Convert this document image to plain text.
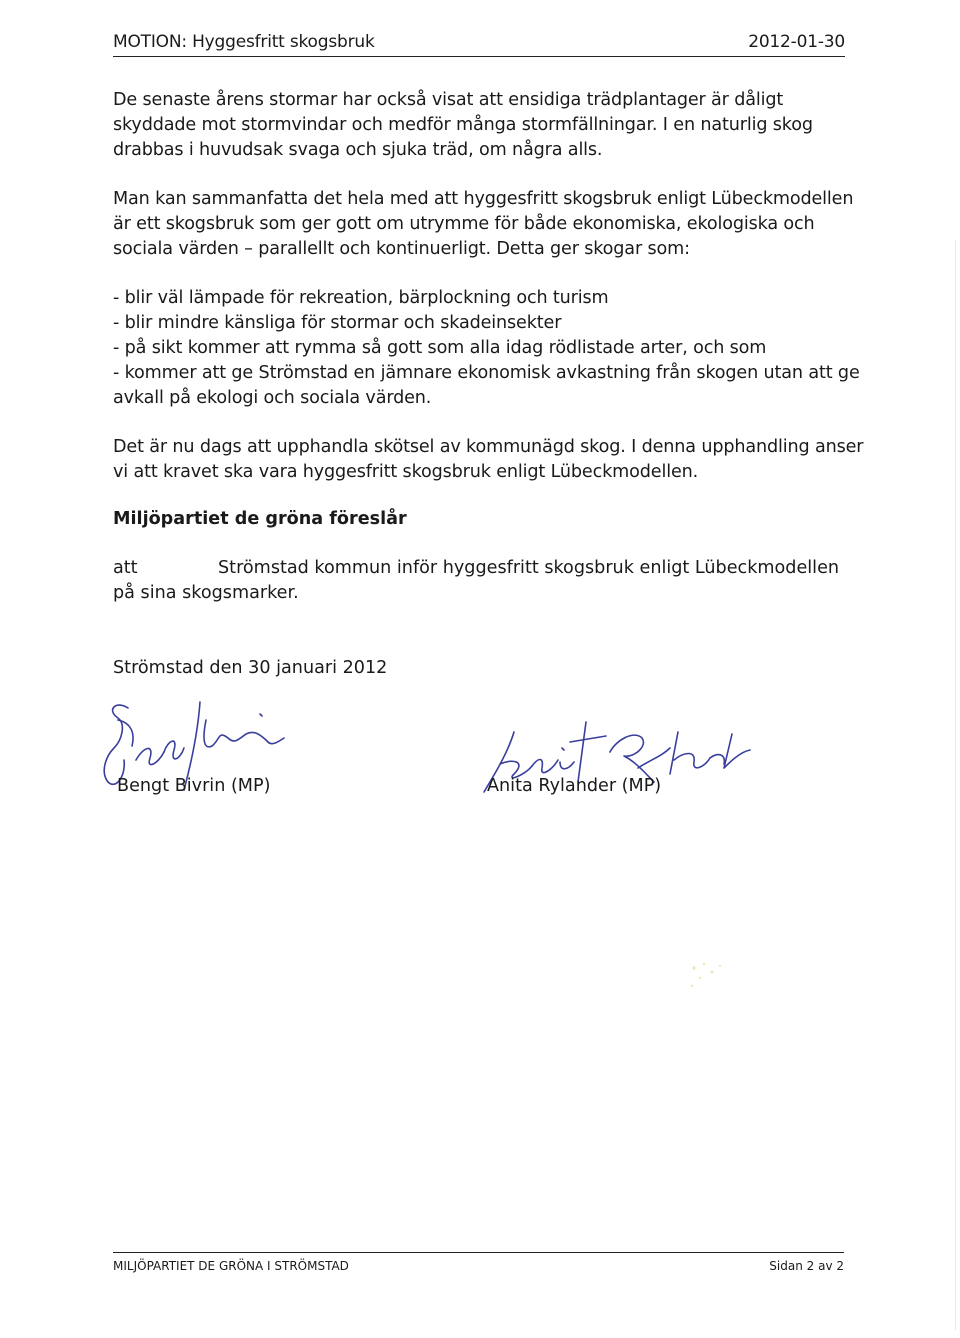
MOTION: Hyggesfritt skogsbruk	2012-01-30

De senaste årens stormar har också visat att ensidiga trädplantager är dåligt
skyddade mot stormvindar och medför många stormfällningar. I en naturlig skog
drabbas i huvudsak svaga och sjuka träd, om några alls.

Man kan sammanfatta det hela med att hyggesfritt skogsbruk enligt Lübeckmodellen
är ett skogsbruk som ger gott om utrymme för både ekonomiska, ekologiska och
sociala värden – parallellt och kontinuerligt. Detta ger skogar som:

- blir väl lämpade för rekreation, bärplockning och turism
- blir mindre känsliga för stormar och skadeinsekter
- på sikt kommer att rymma så gott som alla idag rödlistade arter, och som
- kommer att ge Strömstad en jämnare ekonomisk avkastning från skogen utan att ge
avkall på ekologi och sociala värden.

Det är nu dags att upphandla skötsel av kommunägd skog. I denna upphandling anser
vi att kravet ska vara hyggesfritt skogsbruk enligt Lübeckmodellen.

Miljöpartiet de gröna föreslår

att	Strömstad kommun inför hyggesfritt skogsbruk enligt Lübeckmodellen
på sina skogsmarker.
Strömstad den 30 januari 2012
Bengt Bivrin (MP)	Anita Rylander (MP)
MILJÖPARTIET DE GRÖNA I STRÖMSTAD	Sidan 2 av 2
